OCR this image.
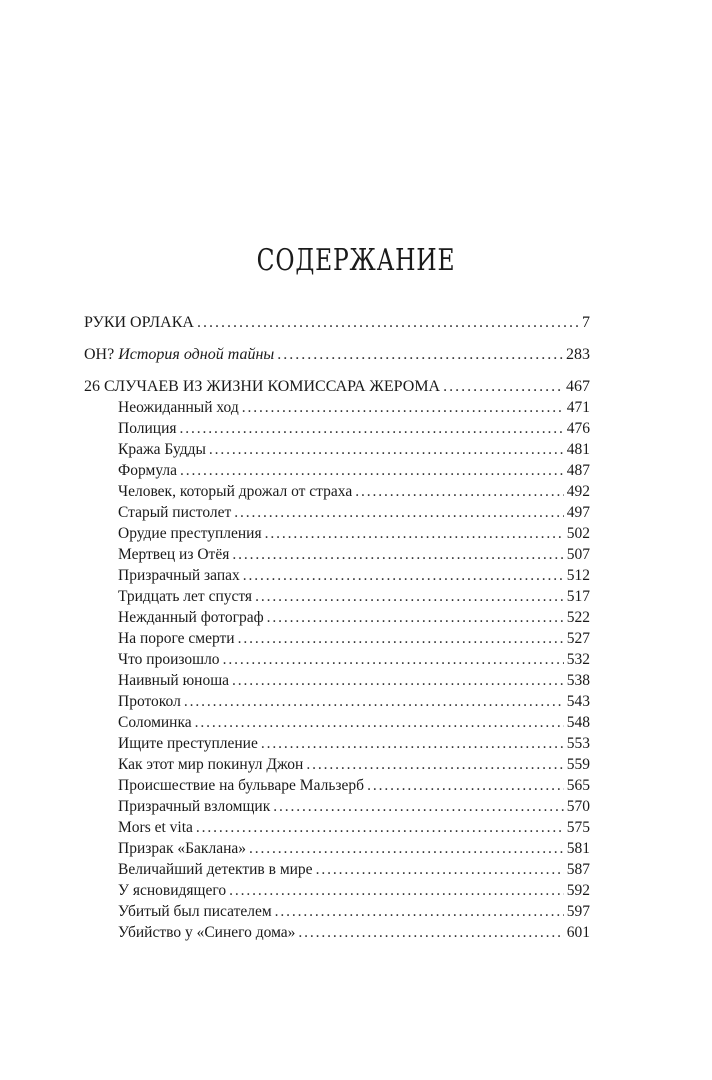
СОДЕРЖАНИЕ
РУКИ ОРЛАКА . . .	7
ОН? История одной тайны . . .	283
26 СЛУЧАЕВ ИЗ ЖИЗНИ КОМИССАРА ЖЕРОМА . . .	467
Неожиданный ход . . .	471
Полиция . . .	476
Кража Будды . . .	481
Формула . . .	487
Человек, который дрожал от страха . . .	492
Старый пистолет . . .	497
Орудие преступления . . .	502
Мертвец из Отёя . . .	507
Призрачный запах . . .	512
Тридцать лет спустя . . .	517
Нежданный фотограф . . .	522
На пороге смерти . . .	527
Что произошло . . .	532
Наивный юноша . . .	538
Протокол . . .	543
Соломинка . . .	548
Ищите преступление . . .	553
Как этот мир покинул Джон . . .	559
Происшествие на бульваре Мальзерб . . .	565
Призрачный взломщик . . .	570
Mors et vita . . .	575
Призрак «Баклана» . . .	581
Величайший детектив в мире . . .	587
У ясновидящего . . .	592
Убитый был писателем . . .	597
Убийство у «Синего дома» . . .	601
